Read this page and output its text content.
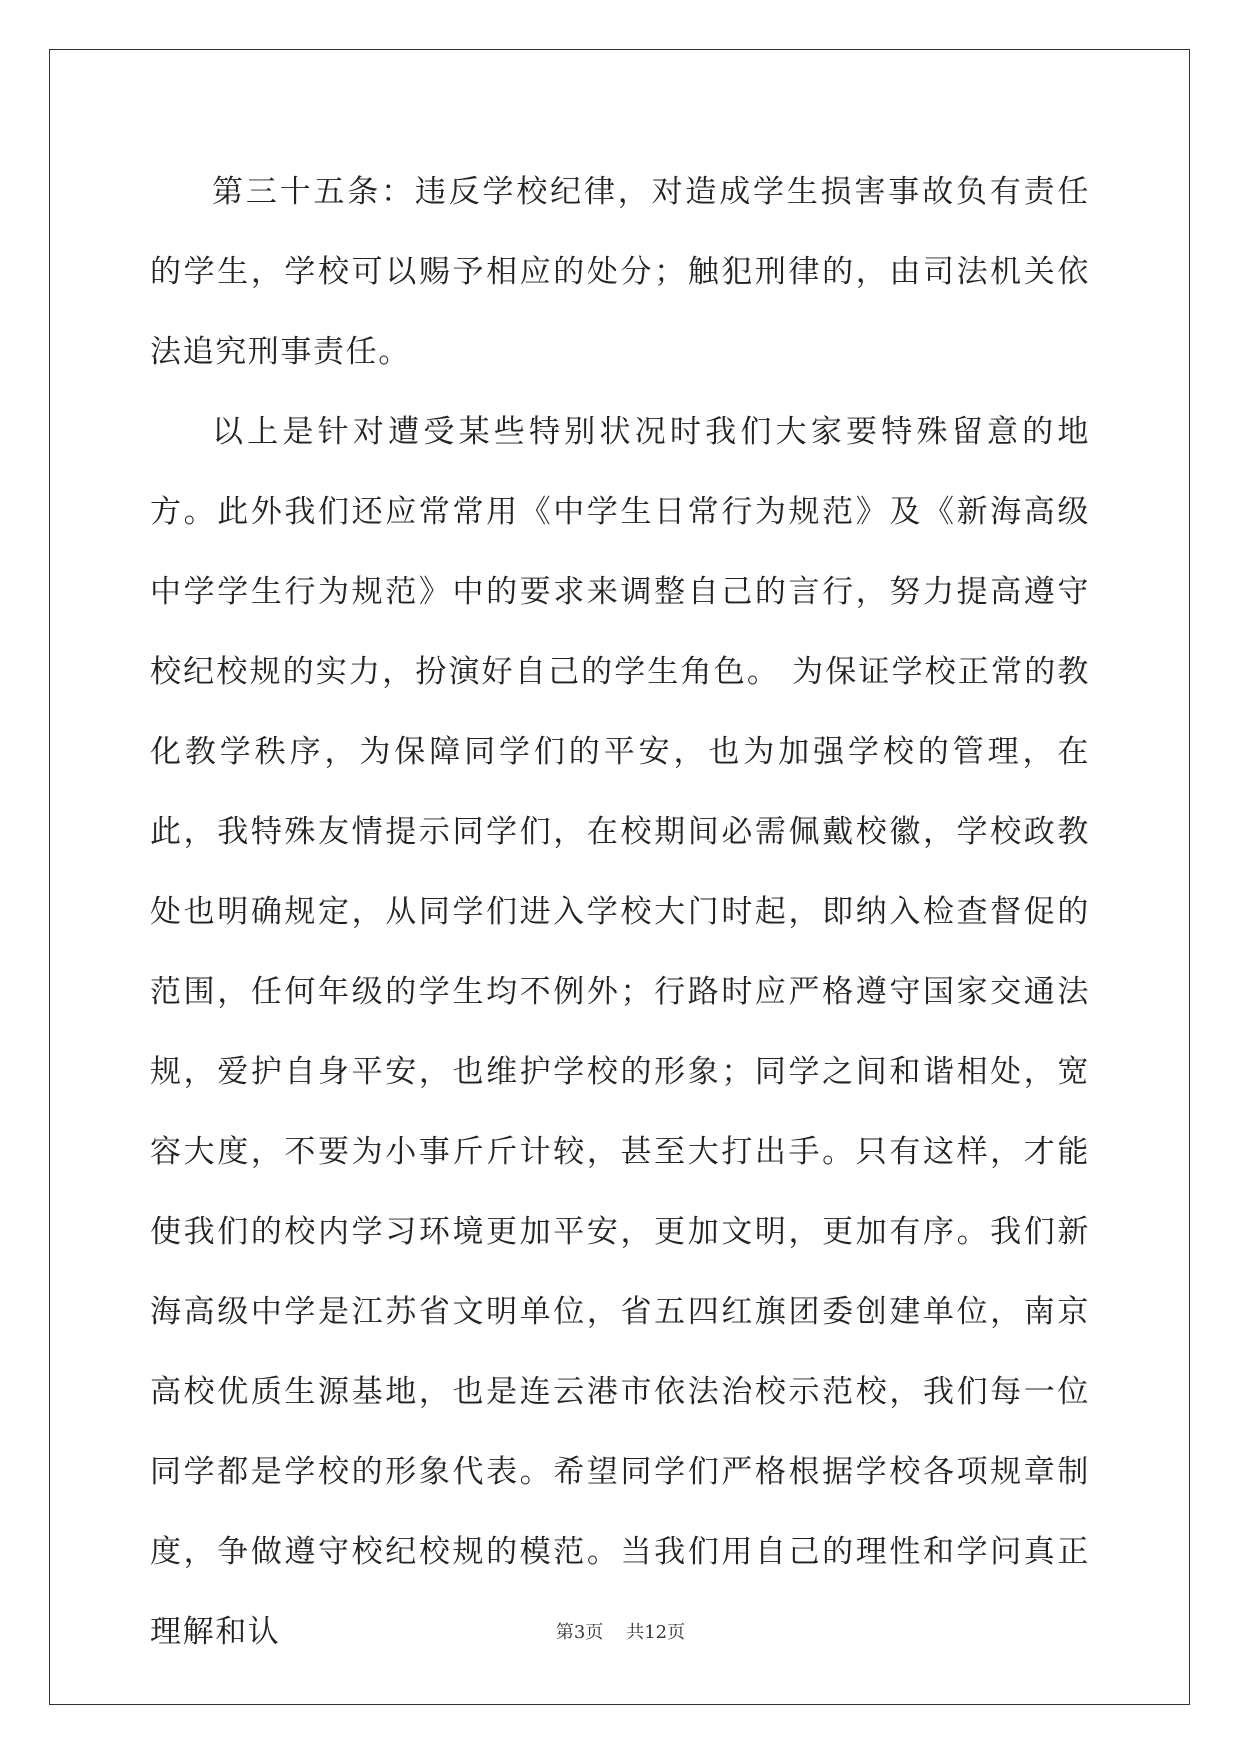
第三十五条：违反学校纪律，对造成学生损害事故负有责任的学生，学校可以赐予相应的处分；触犯刑律的，由司法机关依法追究刑事责任。

以上是针对遭受某些特别状况时我们大家要特殊留意的地方。此外我们还应常常用《中学生日常行为规范》及《新海高级中学学生行为规范》中的要求来调整自己的言行，努力提高遵守校纪校规的实力，扮演好自己的学生角色。 为保证学校正常的教化教学秩序，为保障同学们的平安，也为加强学校的管理，在此，我特殊友情提示同学们，在校期间必需佩戴校徽，学校政教处也明确规定，从同学们进入学校大门时起，即纳入检查督促的范围，任何年级的学生均不例外；行路时应严格遵守国家交通法规，爱护自身平安，也维护学校的形象；同学之间和谐相处，宽容大度，不要为小事斤斤计较，甚至大打出手。只有这样，才能使我们的校内学习环境更加平安，更加文明，更加有序。我们新海高级中学是江苏省文明单位，省五四红旗团委创建单位，南京高校优质生源基地，也是连云港市依法治校示范校，我们每一位同学都是学校的形象代表。希望同学们严格根据学校各项规章制度，争做遵守校纪校规的模范。当我们用自己的理性和学问真正理解和认	第3页 共12页
